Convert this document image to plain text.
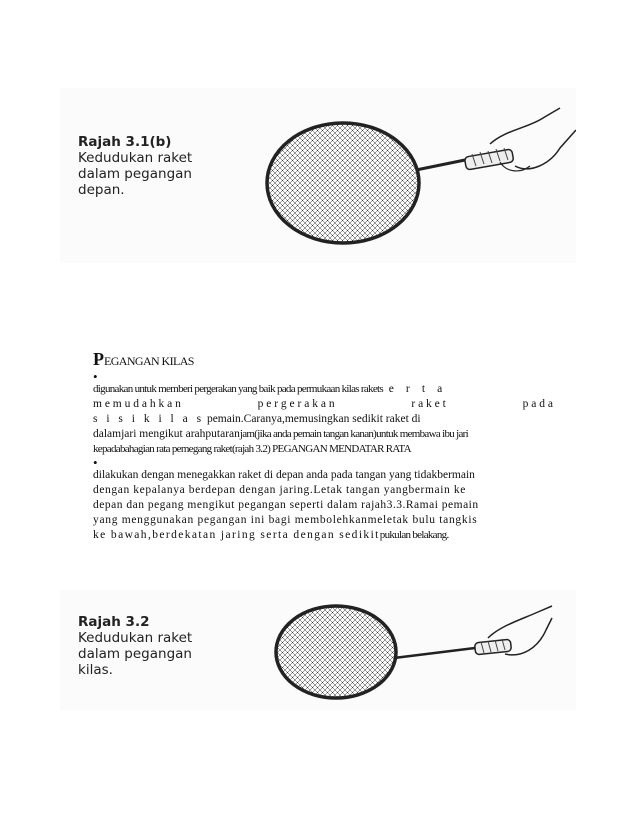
Rajah 3.1(b)
Kedudukan raket
dalam pegangan
depan.
PEGANGAN KILAS
•
digunakan untuk memberi pergerakan yang baik pada permukaan kilas rakets e r t a
m e m u d a h k a n	p e r g e r a k a n	r a k e t	p a d a
s i s i k i l a s pemain.Caranya,memusingkan sedikit raket di
dalamjari mengikut arahputaranjam(jika anda pemain tangan kanan)untuk membawa ibu jari
kepadabahagian rata pemegang raket(rajah 3.2) PEGANGAN MENDATAR RATA
•
dilakukan dengan menegakkan raket di depan anda pada tangan yang tidakbermain
dengan kepalanya berdepan dengan jaring.Letak tangan yangbermain ke
depan dan pegang mengikut pegangan seperti dalam rajah3.3.Ramai pemain
yang menggunakan pegangan ini bagi membolehkanmeletak bulu tangkis
ke bawah,berdekatan jaring serta dengan sedikitpukulan belakang.
Rajah 3.2
Kedudukan raket
dalam pegangan
kilas.
